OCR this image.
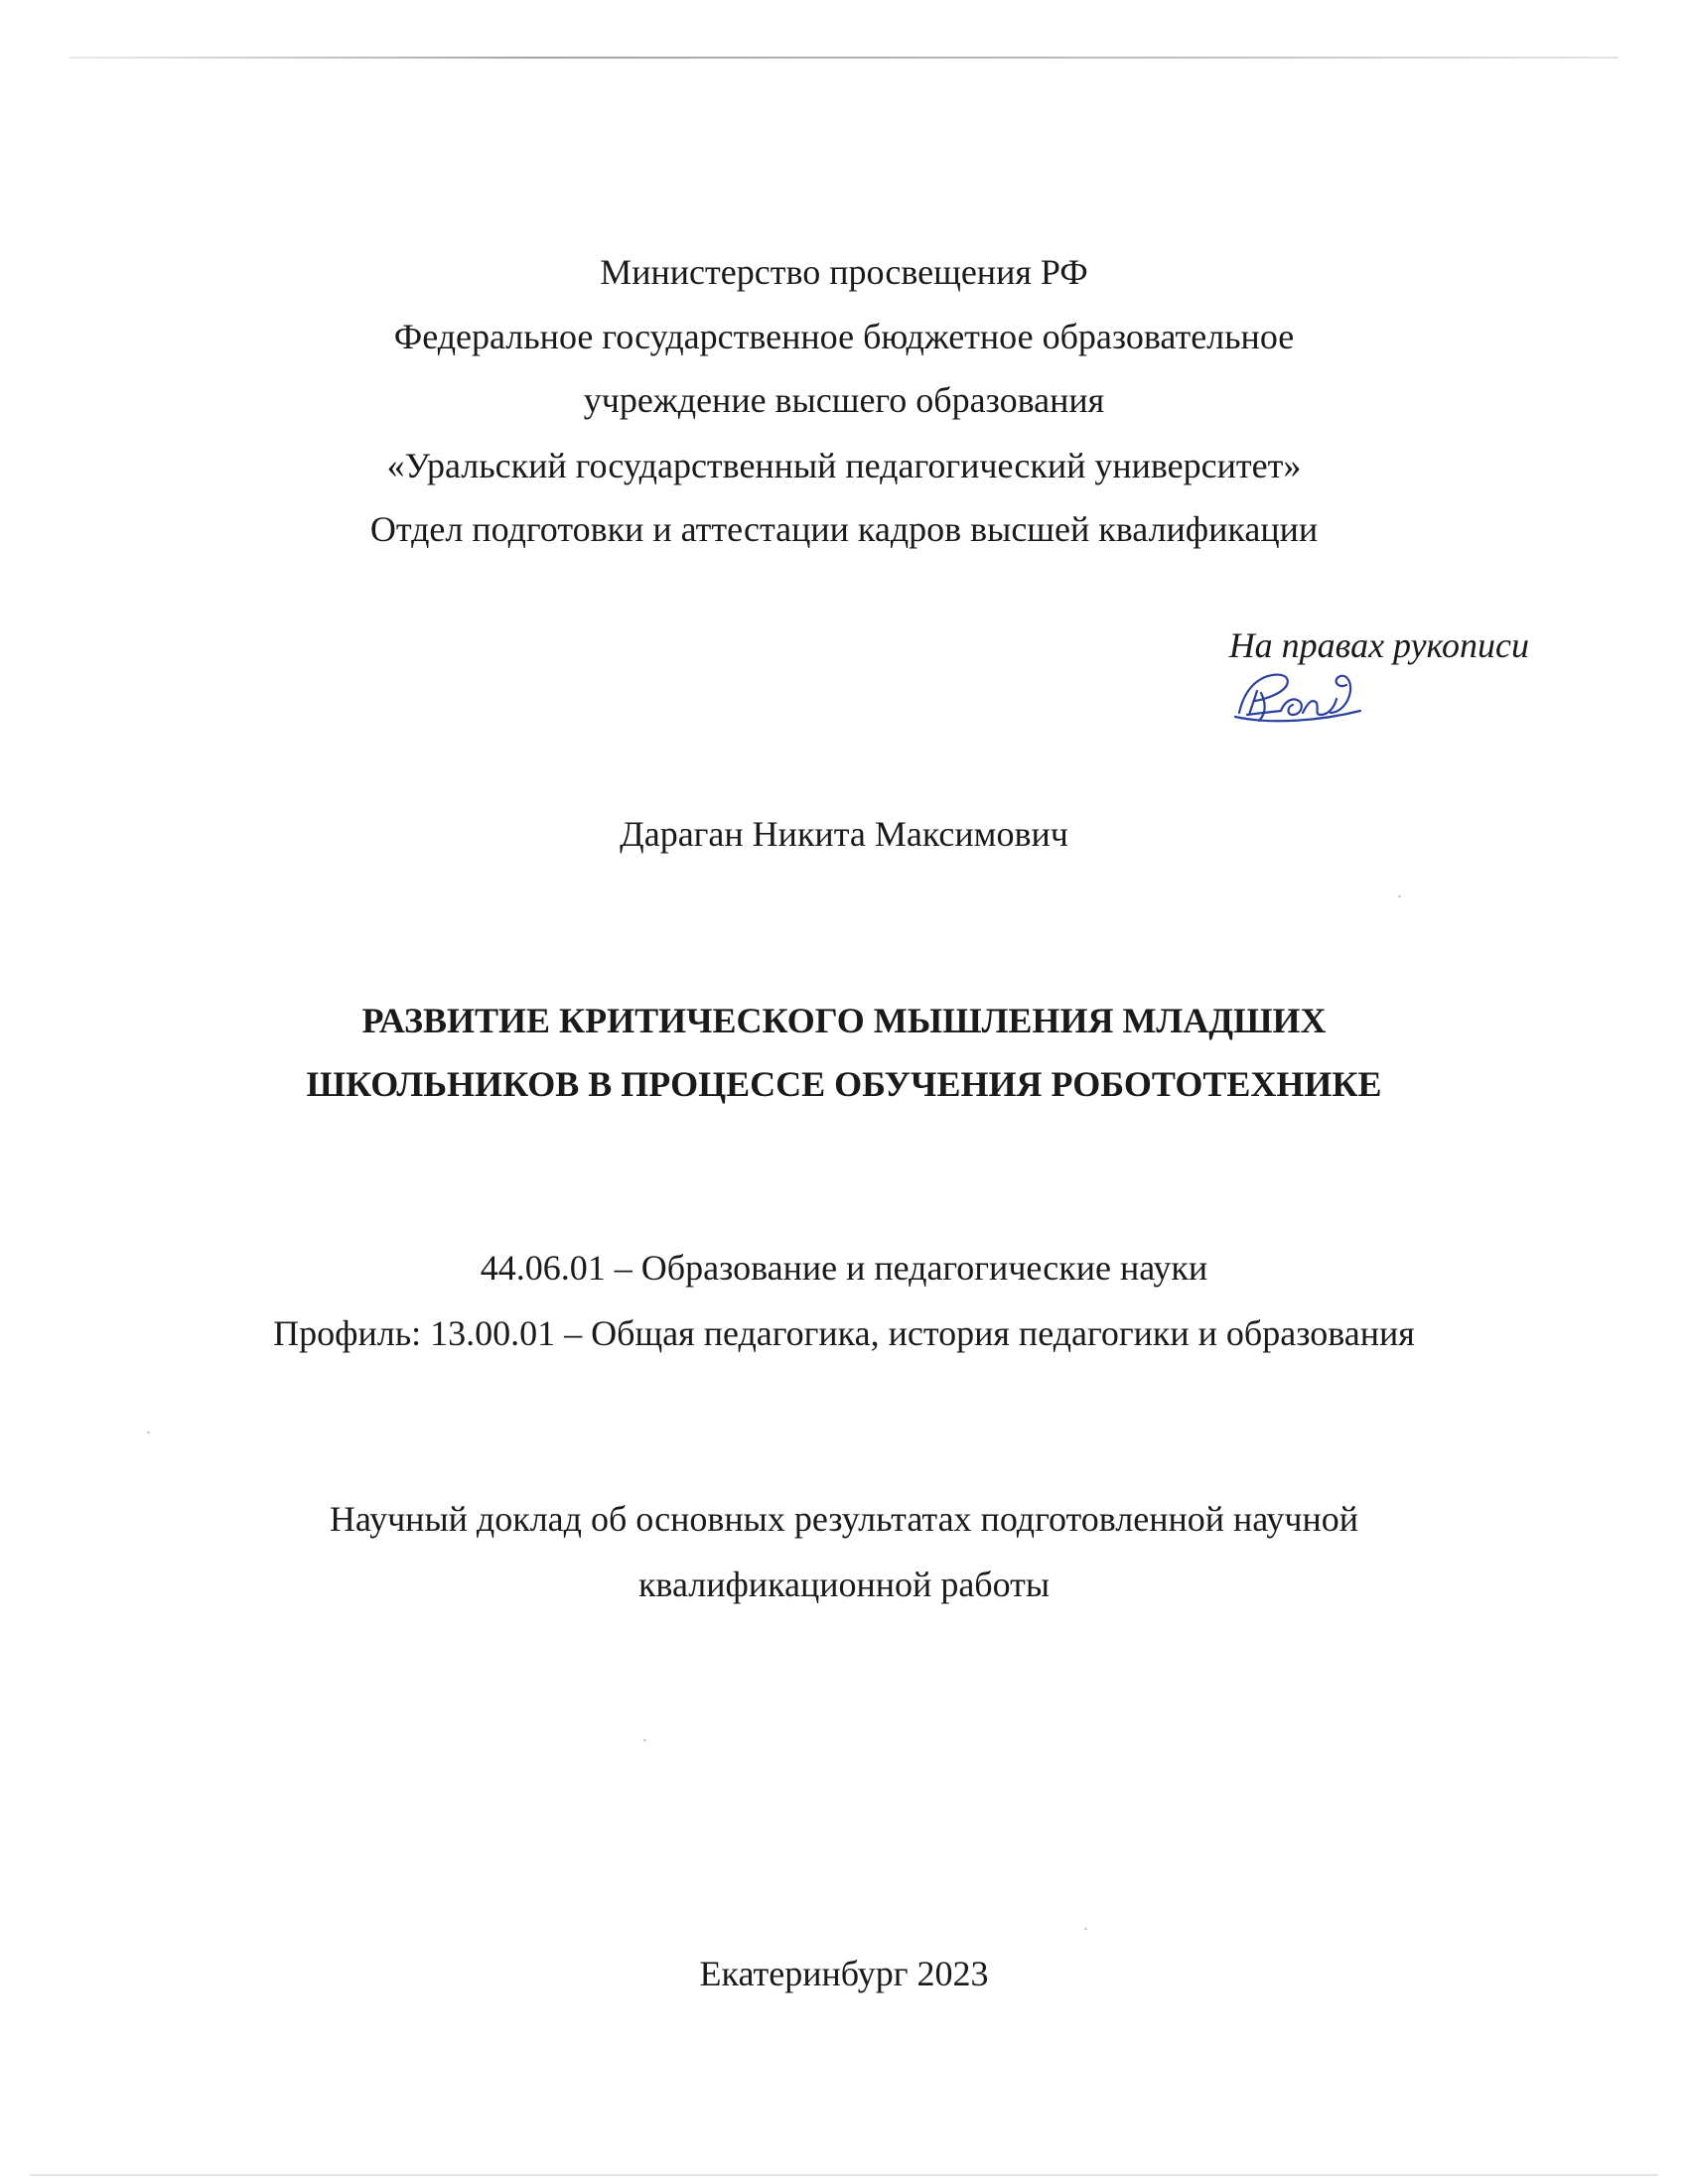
Министерство просвещения РФ
Федеральное государственное бюджетное образовательное
учреждение высшего образования
«Уральский государственный педагогический университет»
Отдел подготовки и аттестации кадров высшей квалификации
На правах рукописи
Дараган Никита Максимович
РАЗВИТИЕ КРИТИЧЕСКОГО МЫШЛЕНИЯ МЛАДШИХ
ШКОЛЬНИКОВ В ПРОЦЕССЕ ОБУЧЕНИЯ РОБОТОТЕХНИКЕ
44.06.01 – Образование и педагогические науки
Профиль: 13.00.01 – Общая педагогика, история педагогики и образования
Научный доклад об основных результатах подготовленной научной
квалификационной работы
Екатеринбург 2023
